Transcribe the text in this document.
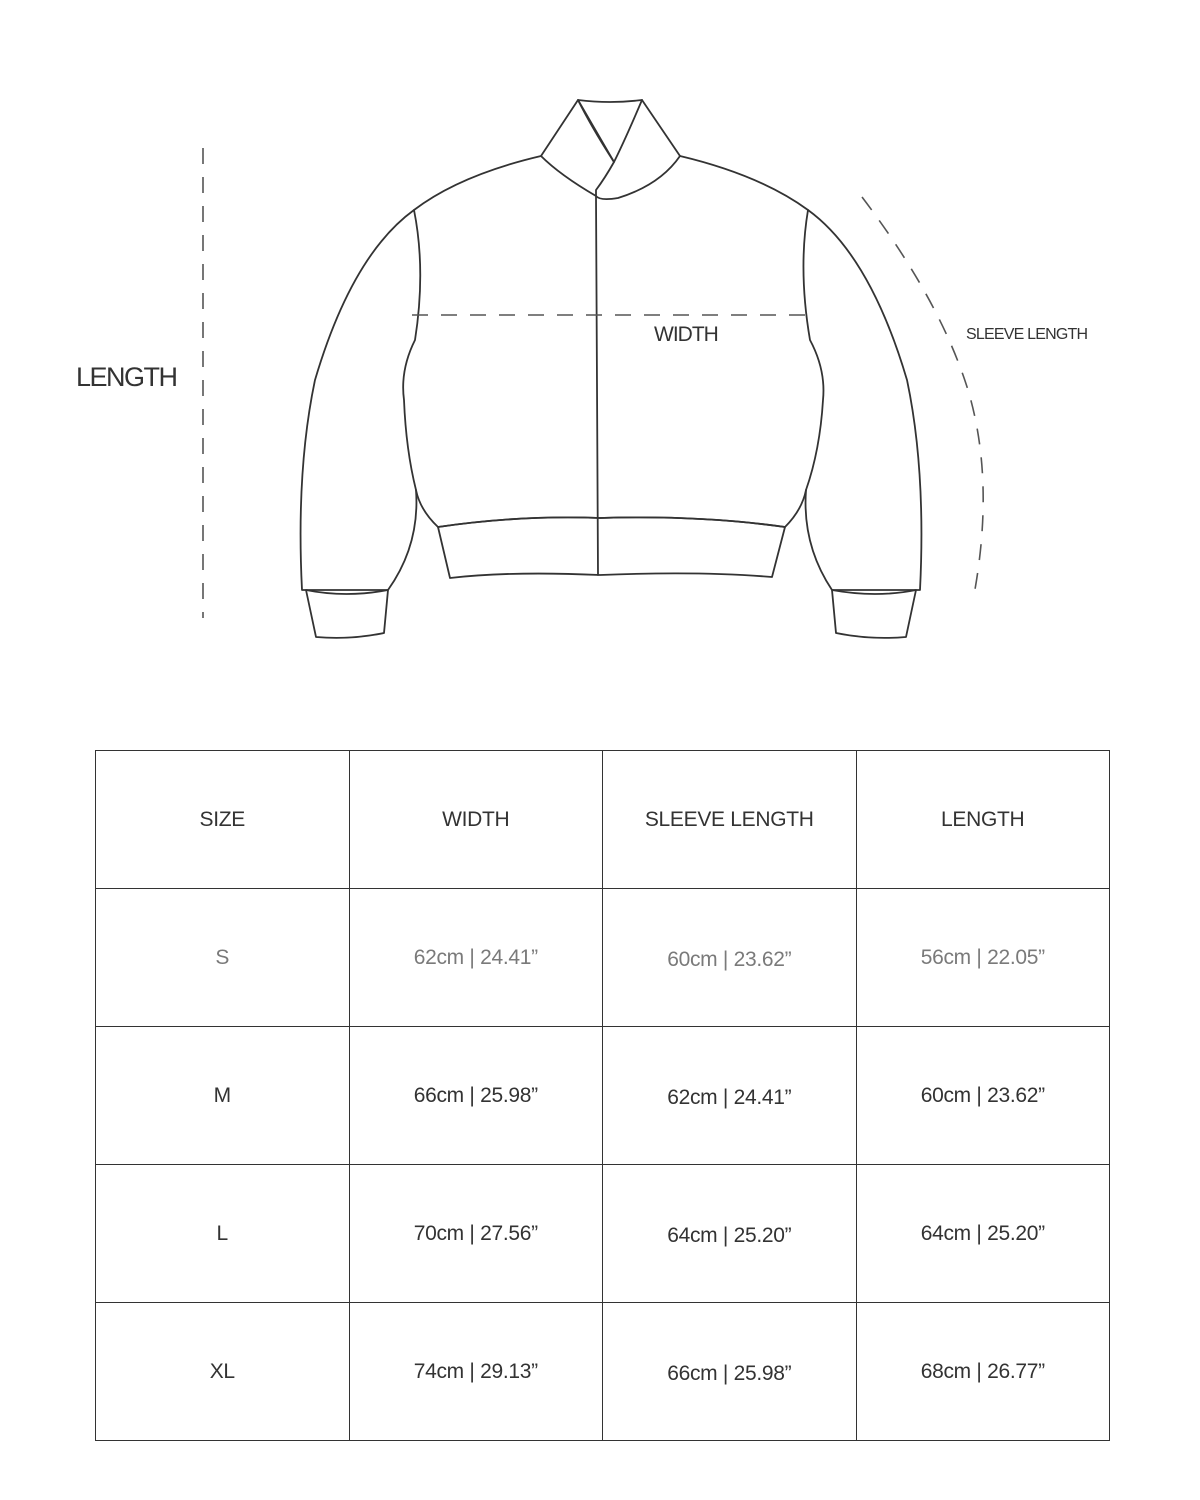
LENGTH
WIDTH	SLEEVE LENGTH
SIZE	WIDTH	SLEEVE LENGTH	LENGTH
S	62cm | 24.41”	60cm | 23.62”	56cm | 22.05”
M	66cm | 25.98”	62cm | 24.41”	60cm | 23.62”
L	70cm | 27.56”	64cm | 25.20”	64cm | 25.20”
XL	74cm | 29.13”	66cm | 25.98”	68cm | 26.77”
